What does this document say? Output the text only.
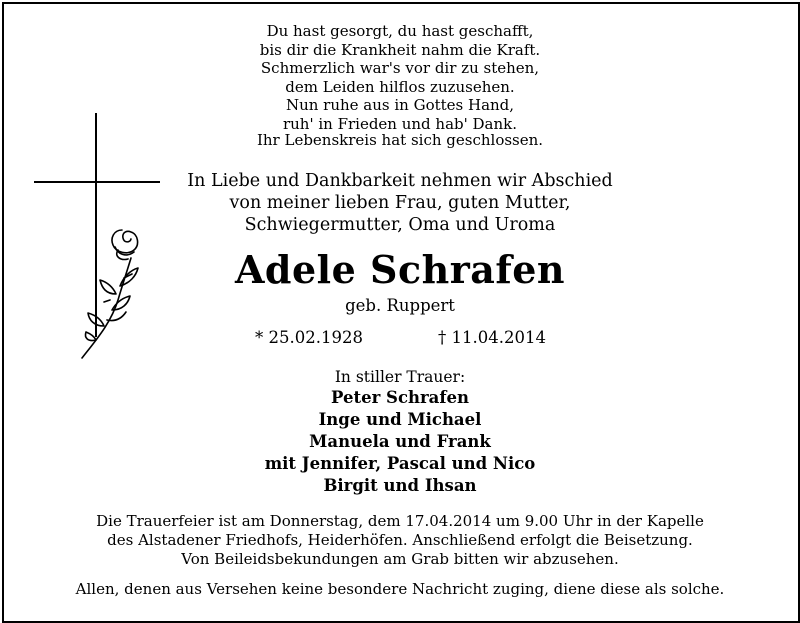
Du hast gesorgt, du hast geschafft,
bis dir die Krankheit nahm die Kraft.
Schmerzlich war's vor dir zu stehen,
dem Leiden hilflos zuzusehen.
Nun ruhe aus in Gottes Hand,
ruh' in Frieden und hab' Dank.
Ihr Lebenskreis hat sich geschlossen.
In Liebe und Dankbarkeit nehmen wir Abschied
von meiner lieben Frau, guten Mutter,
Schwiegermutter, Oma und Uroma
Adele Schrafen
geb. Ruppert
* 25.02.1928	† 11.04.2014
In stiller Trauer:
Peter Schrafen
Inge und Michael
Manuela und Frank
mit Jennifer, Pascal und Nico
Birgit und Ihsan
Die Trauerfeier ist am Donnerstag, dem 17.04.2014 um 9.00 Uhr in der Kapelle
des Alstadener Friedhofs, Heiderhöfen. Anschließend erfolgt die Beisetzung.
Von Beileidsbekundungen am Grab bitten wir abzusehen.
Allen, denen aus Versehen keine besondere Nachricht zuging, diene diese als solche.
